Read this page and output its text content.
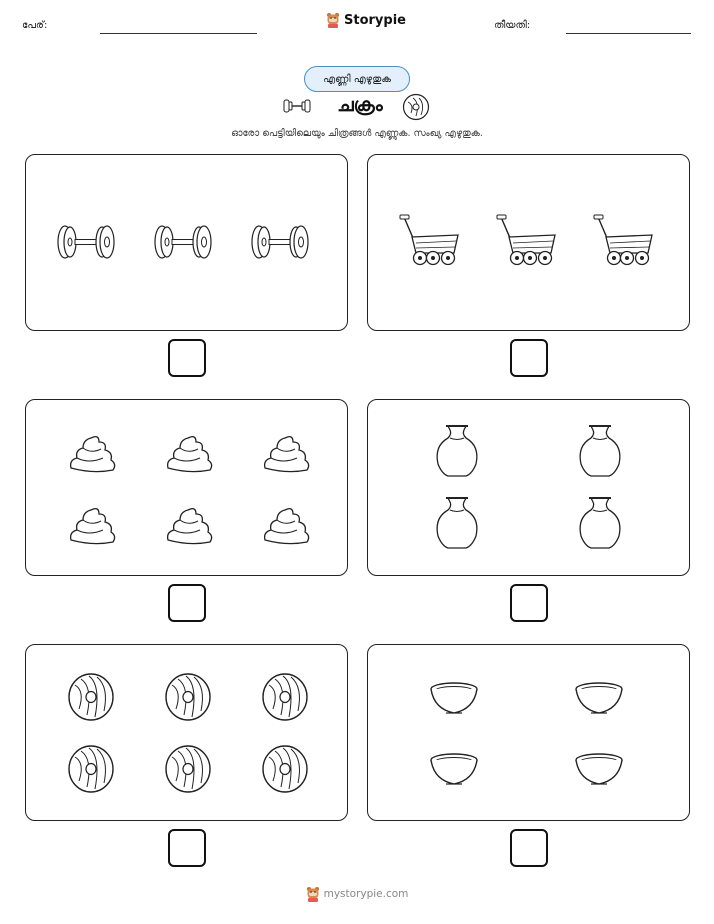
പേര്:	Storypie	തീയതി:
എണ്ണി എഴുതുക
ചക്രം
ഓരോ പെട്ടിയിലെയും ചിത്രങ്ങൾ എണ്ണുക. സംഖ്യ എഴുതുക.
mystorypie.com
